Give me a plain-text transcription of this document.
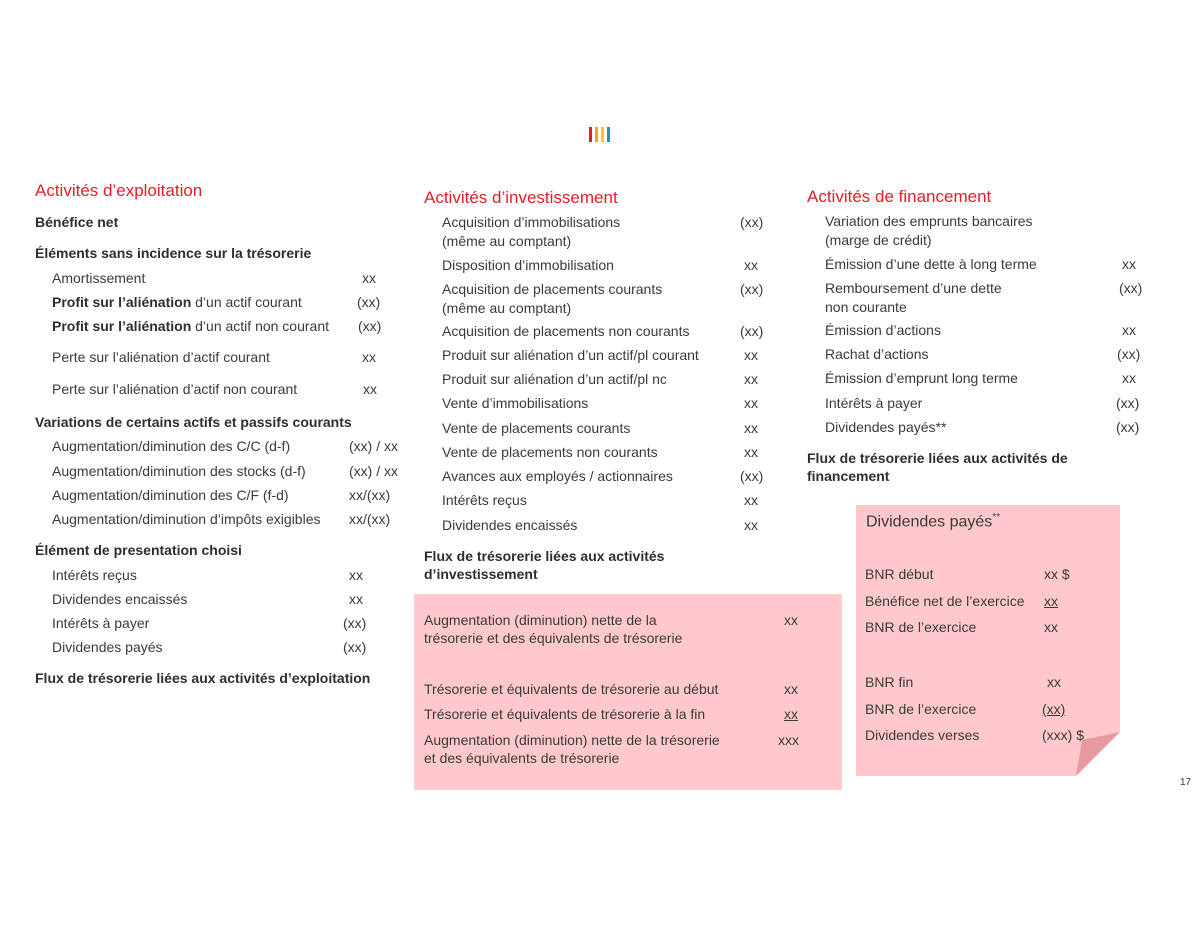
Activités d’exploitation
Bénéfice net
Éléments sans incidence sur la trésorerie
Amortissement	xx
Profit sur l’aliénation d’un actif courant	(xx)
Profit sur l’aliénation d’un actif non courant (xx)
Perte sur l’aliénation d’actif courant	xx
Perte sur l’aliénation d’actif non courant	xx
Variations de certains actifs et passifs courants
Augmentation/diminution des C/C (d-f)	(xx) / xx
Augmentation/diminution des stocks (d-f)	(xx) / xx
Augmentation/diminution des C/F (f-d)	xx/(xx)
Augmentation/diminution d’impôts exigibles xx/(xx)
Élément de presentation choisi
Intérêts reçus	xx
Dividendes encaissés	xx
Intérêts à payer	(xx)
Dividendes payés	(xx)
Flux de trésorerie liées aux activités d’exploitation
Activités d’investissement
Acquisition d’immobilisations
(même au comptant)
(xx)
Disposition d’immobilisation	xx
Acquisition de placements courants
(même au comptant)
(xx)
Acquisition de placements non courants	(xx)
Produit sur aliénation d’un actif/pl courant	xx
Produit sur aliénation d’un actif/pl nc	xx
Vente d’immobilisations	xx
Vente de placements courants	xx
Vente de placements non courants	xx
Avances aux employés / actionnaires	(xx)
Intérêts reçus	xx
Dividendes encaissés	xx
Flux de trésorerie liées aux activités
d’investissement
Augmentation (diminution) nette de la
trésorerie et des équivalents de trésorerie
xx
Trésorerie et équivalents de trésorerie au début	xx
Trésorerie et équivalents de trésorerie à la fin	xx
Augmentation (diminution) nette de la trésorerie
et des équivalents de trésorerie
xxx
Activités de financement
Variation des emprunts bancaires
(marge de crédit)
Émission d’une dette à long terme	xx
Remboursement d’une dette
non courante
(xx)
Émission d’actions	xx
Rachat d’actions	(xx)
Émission d’emprunt long terme	xx
Intérêts à payer	(xx)
Dividendes payés**	(xx)
Flux de trésorerie liées aux activités de
financement
Dividendes payés**
BNR début	xx $
Bénéfice net de l’exercice xx
BNR de l’exercice	xx
BNR fin	xx
BNR de l’exercice	(xx)
Dividendes verses	(xxx) $
17
